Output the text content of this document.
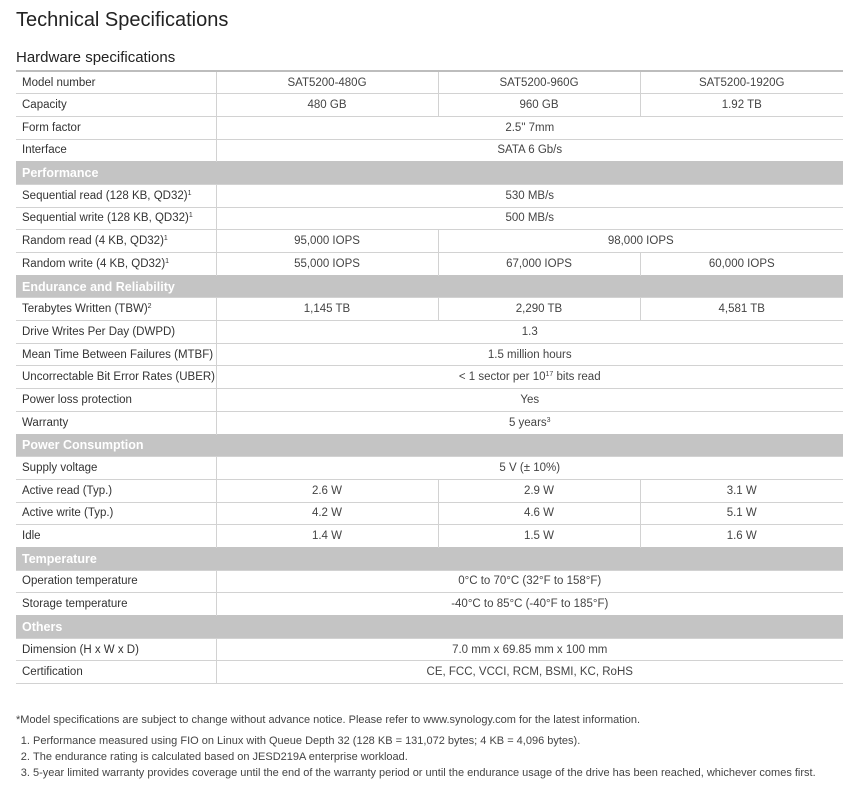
Technical Specifications
Hardware specifications
Model number	SAT5200-480G	SAT5200-960G	SAT5200-1920G
Capacity	480 GB	960 GB	1.92 TB
Form factor	2.5" 7mm		
Interface	SATA 6 Gb/s		
Performance			
Sequential read (128 KB, QD32)$^1$	530 MB/s		
Sequential write (128 KB, QD32)$^1$	500 MB/s		
Random read (4 KB, QD32)$^1$	95,000 IOPS	98,000 IOPS	
Random write (4 KB, QD32)$^1$	55,000 IOPS	67,000 IOPS	60,000 IOPS
Endurance and Reliability			
Terabytes Written (TBW)$^2$	1,145 TB	2,290 TB	4,581 TB
Drive Writes Per Day (DWPD)	1.3		
Mean Time Between Failures (MTBF)	1.5 million hours		
Uncorrectable Bit Error Rates (UBER)	< 1 sector per $10^{17}$ bits read		
Power loss protection	Yes		
Warranty	5 years$^3$
Power Consumption			
Supply voltage	5 V (± 10%)		
Active read (Typ.)	2.6 W	2.9 W	3.1 W
Active write (Typ.)	4.2 W	4.6 W	5.1 W
Idle	1.4 W	1.5 W	1.6 W
Temperature			
Operation temperature	0°C to 70°C (32°F to 158°F)		
Storage temperature	-40°C to 85°C (-40°F to 185°F)		
Others			
Dimension (H x W x D)	7.0 mm x 69.85 mm x 100 mm		
Certification	CE, FCC, VCCI, RCM, BSMI, KC, RoHS		

*Model specifications are subject to change without advance notice. Please refer to www.synology.com for the latest information.

1. Performance measured using FIO on Linux with Queue Depth 32 (128 KB = 131,072 bytes; 4 KB = 4,096 bytes).
2. The endurance rating is calculated based on JESD219A enterprise workload.
3. 5-year limited warranty provides coverage until the end of the warranty period or until the endurance usage of the drive has been reached, whichever comes first.
